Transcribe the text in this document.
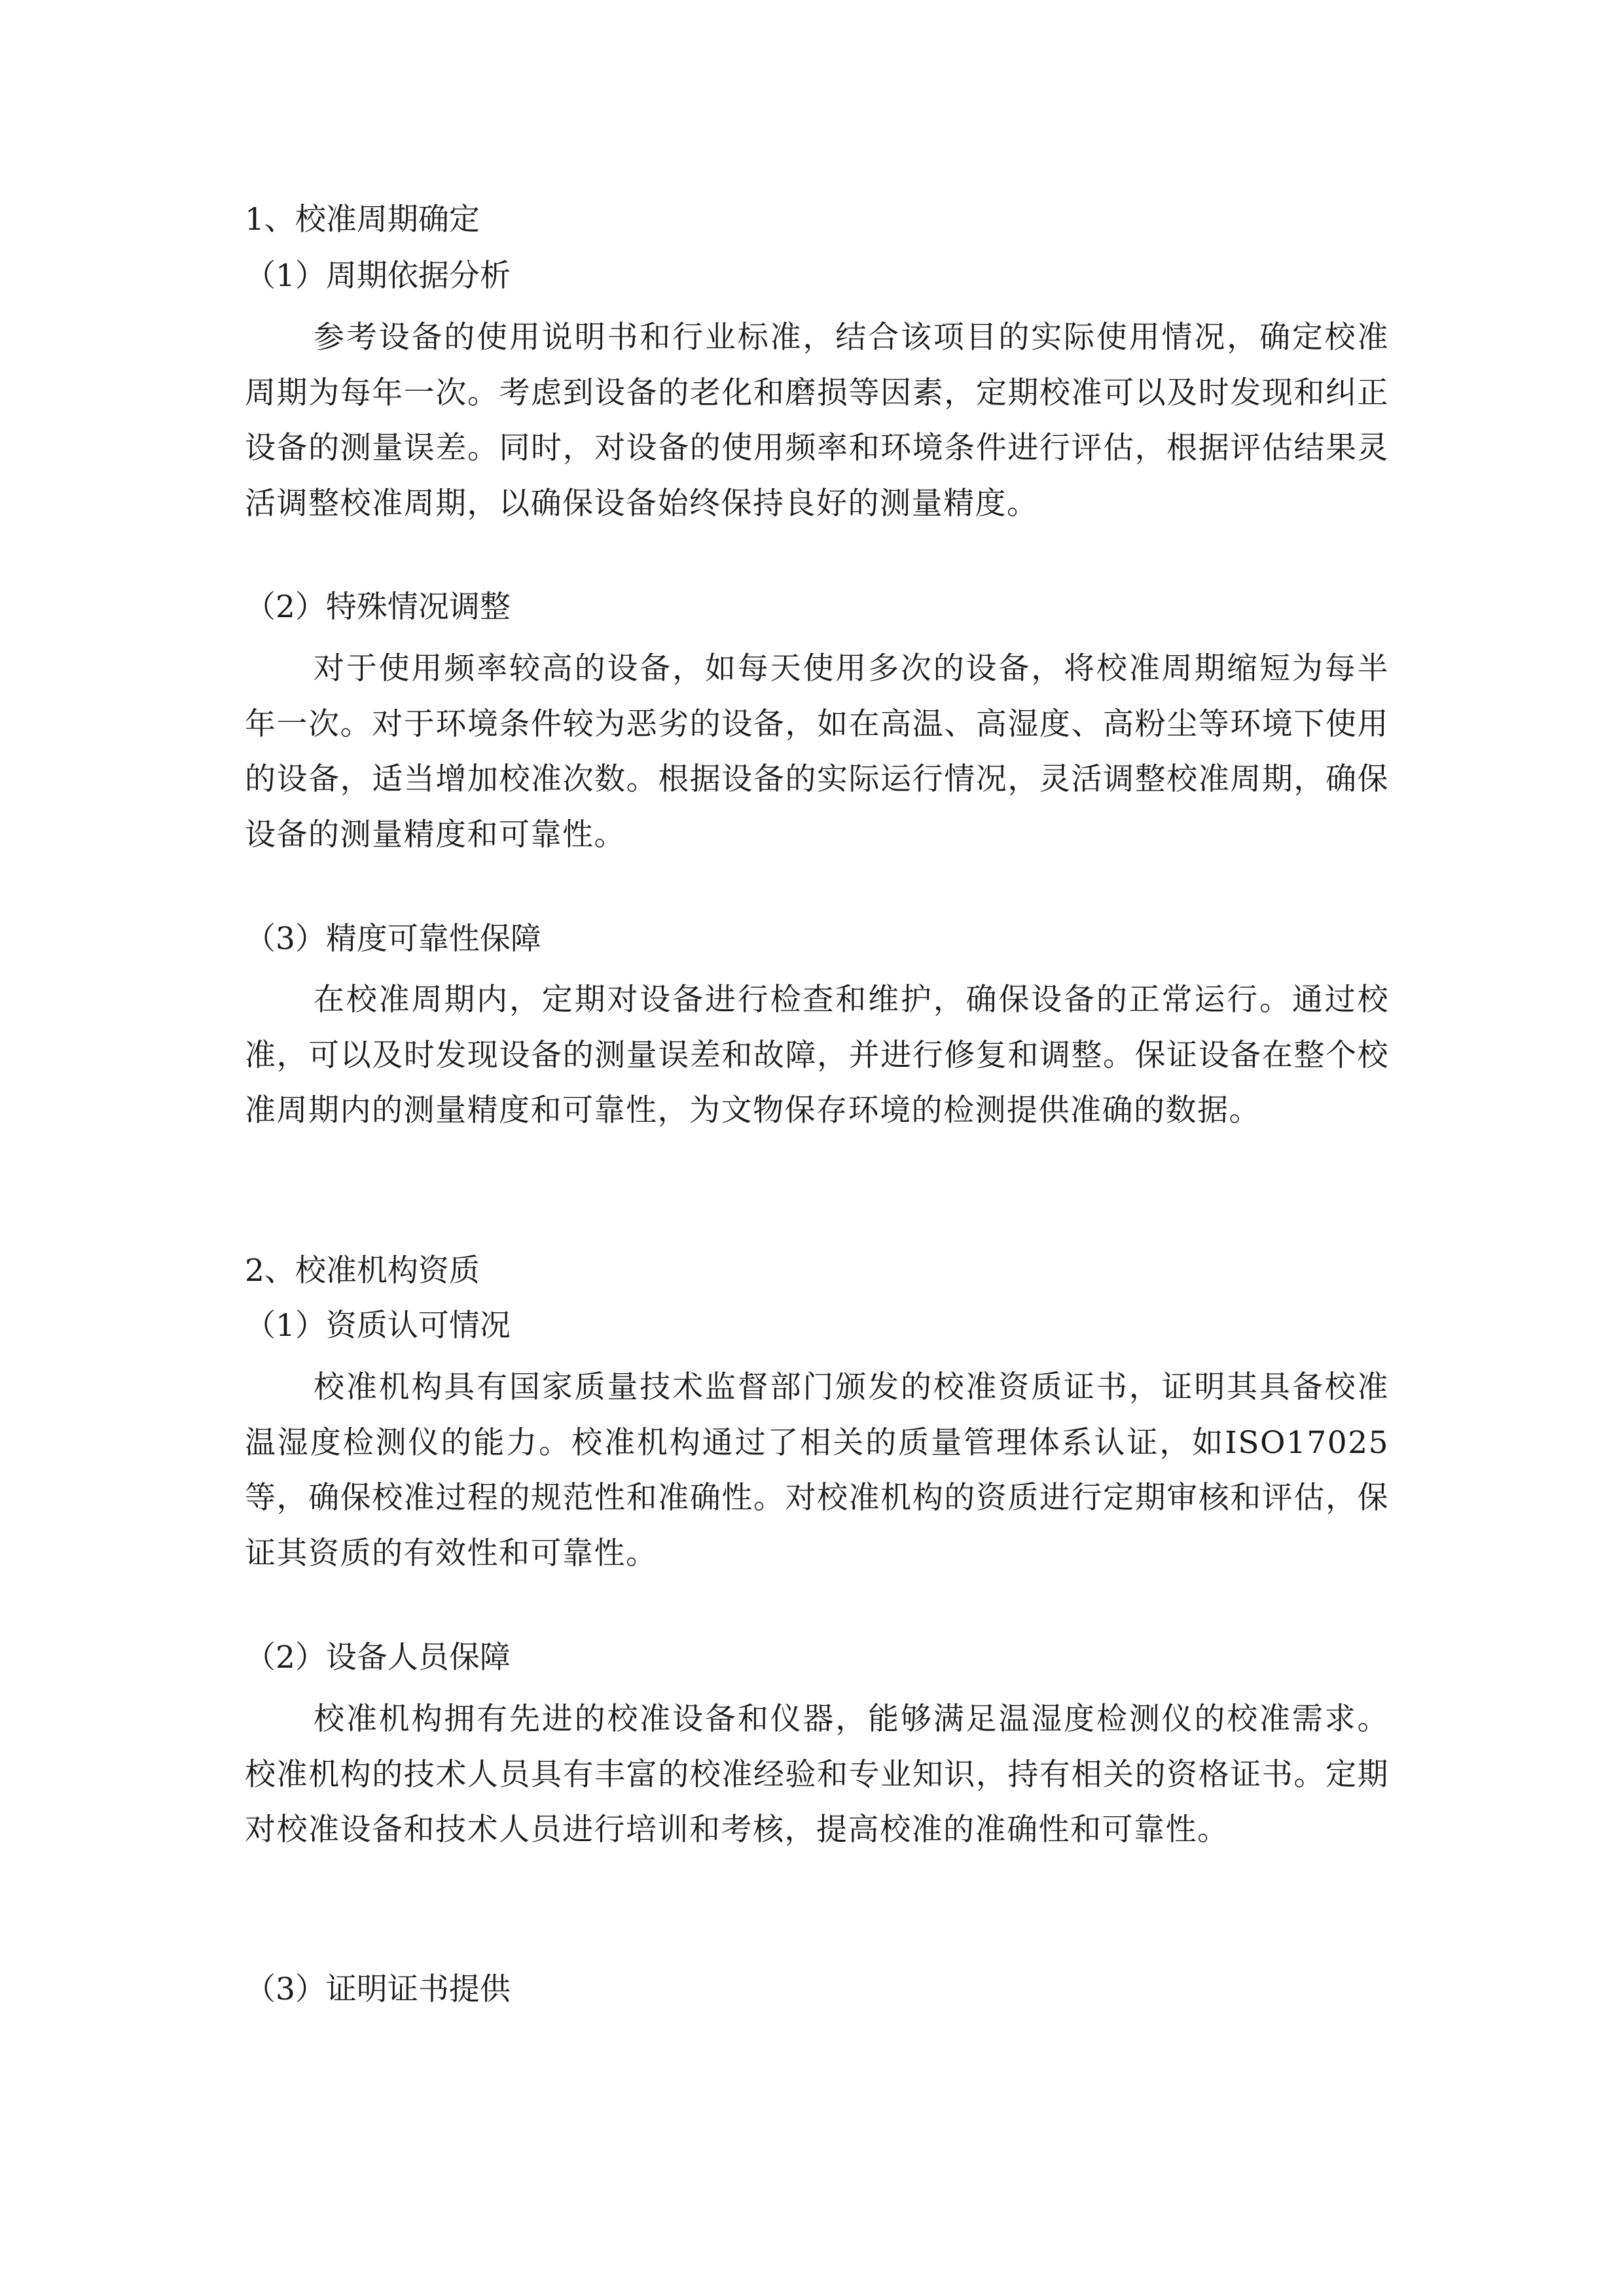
1、校准周期确定
（1）周期依据分析
参考设备的使用说明书和行业标准，结合该项目的实际使用情况，确定校准周期为每年一次。考虑到设备的老化和磨损等因素，定期校准可以及时发现和纠正设备的测量误差。同时，对设备的使用频率和环境条件进行评估，根据评估结果灵活调整校准周期，以确保设备始终保持良好的测量精度。
（2）特殊情况调整
对于使用频率较高的设备，如每天使用多次的设备，将校准周期缩短为每半年一次。对于环境条件较为恶劣的设备，如在高温、高湿度、高粉尘等环境下使用的设备，适当增加校准次数。根据设备的实际运行情况，灵活调整校准周期，确保设备的测量精度和可靠性。
（3）精度可靠性保障
在校准周期内，定期对设备进行检查和维护，确保设备的正常运行。通过校准，可以及时发现设备的测量误差和故障，并进行修复和调整。保证设备在整个校准周期内的测量精度和可靠性，为文物保存环境的检测提供准确的数据。
2、校准机构资质
（1）资质认可情况
校准机构具有国家质量技术监督部门颁发的校准资质证书，证明其具备校准温湿度检测仪的能力。校准机构通过了相关的质量管理体系认证，如ISO17025等，确保校准过程的规范性和准确性。对校准机构的资质进行定期审核和评估，保证其资质的有效性和可靠性。
（2）设备人员保障
校准机构拥有先进的校准设备和仪器，能够满足温湿度检测仪的校准需求。校准机构的技术人员具有丰富的校准经验和专业知识，持有相关的资格证书。定期对校准设备和技术人员进行培训和考核，提高校准的准确性和可靠性。
（3）证明证书提供
